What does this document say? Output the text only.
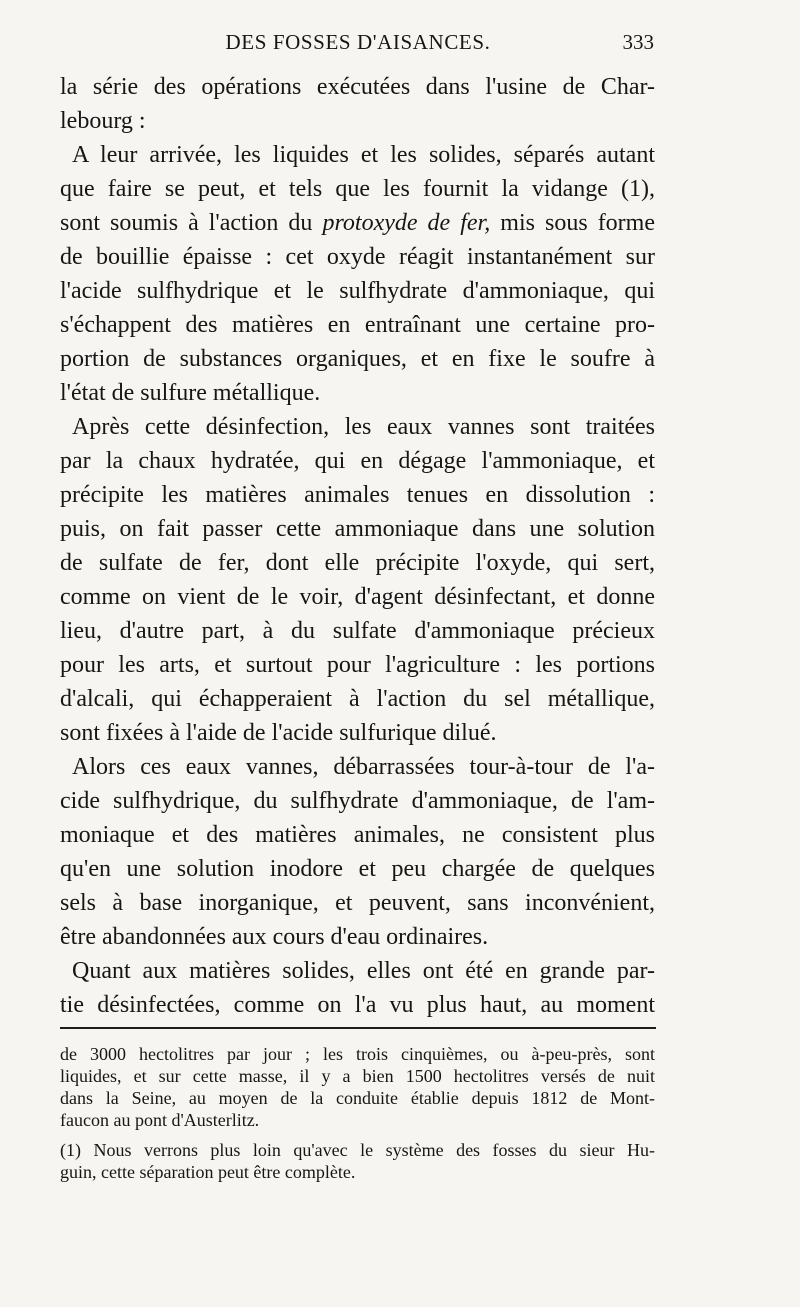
DES FOSSES D'AISANCES.	333
la série des opérations exécutées dans l'usine de Char-
lebourg :
A leur arrivée, les liquides et les solides, séparés autant
que faire se peut, et tels que les fournit la vidange (1),
sont soumis à l'action du protoxyde de fer, mis sous forme
de bouillie épaisse : cet oxyde réagit instantanément sur
l'acide sulfhydrique et le sulfhydrate d'ammoniaque, qui
s'échappent des matières en entraînant une certaine pro-
portion de substances organiques, et en fixe le soufre à
l'état de sulfure métallique.
Après cette désinfection, les eaux vannes sont traitées
par la chaux hydratée, qui en dégage l'ammoniaque, et
précipite les matières animales tenues en dissolution :
puis, on fait passer cette ammoniaque dans une solution
de sulfate de fer, dont elle précipite l'oxyde, qui sert,
comme on vient de le voir, d'agent désinfectant, et donne
lieu, d'autre part, à du sulfate d'ammoniaque précieux
pour les arts, et surtout pour l'agriculture : les portions
d'alcali, qui échapperaient à l'action du sel métallique,
sont fixées à l'aide de l'acide sulfurique dilué.
Alors ces eaux vannes, débarrassées tour-à-tour de l'a-
cide sulfhydrique, du sulfhydrate d'ammoniaque, de l'am-
moniaque et des matières animales, ne consistent plus
qu'en une solution inodore et peu chargée de quelques
sels à base inorganique, et peuvent, sans inconvénient,
être abandonnées aux cours d'eau ordinaires.
Quant aux matières solides, elles ont été en grande par-
tie désinfectées, comme on l'a vu plus haut, au moment
de 3000 hectolitres par jour ; les trois cinquièmes, ou à-peu-près, sont
liquides, et sur cette masse, il y a bien 1500 hectolitres versés de nuit
dans la Seine, au moyen de la conduite établie depuis 1812 de Mont-
faucon au pont d'Austerlitz.
(1) Nous verrons plus loin qu'avec le système des fosses du sieur Hu-
guin, cette séparation peut être complète.
